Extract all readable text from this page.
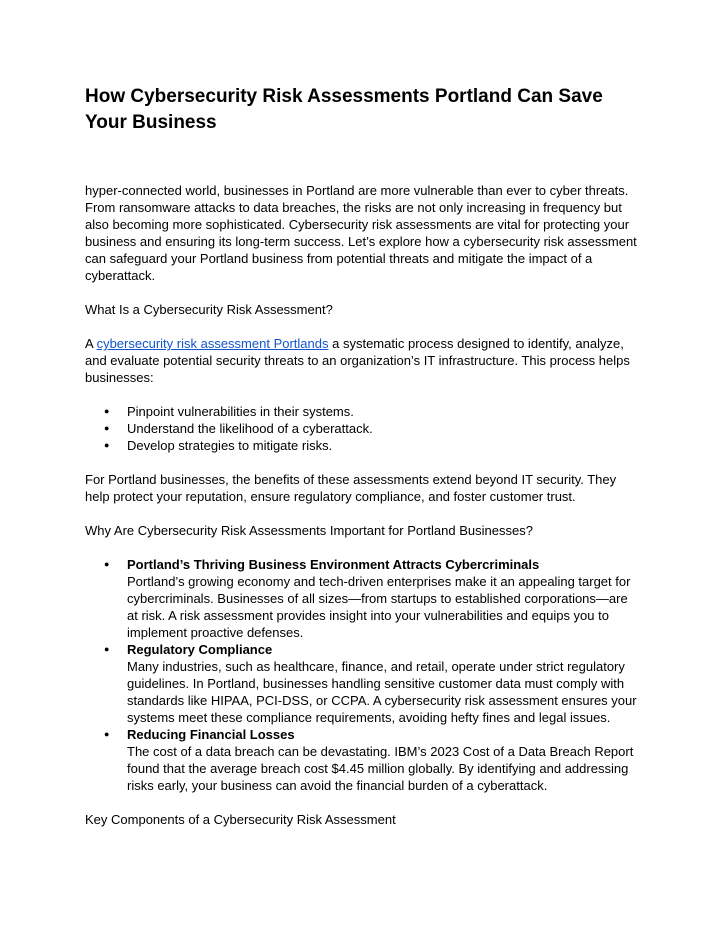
How Cybersecurity Risk Assessments Portland Can Save Your Business

hyper-connected world, businesses in Portland are more vulnerable than ever to cyber threats. From ransomware attacks to data breaches, the risks are not only increasing in frequency but also becoming more sophisticated. Cybersecurity risk assessments are vital for protecting your business and ensuring its long-term success. Let’s explore how a cybersecurity risk assessment can safeguard your Portland business from potential threats and mitigate the impact of a cyberattack.

What Is a Cybersecurity Risk Assessment?

A cybersecurity risk assessment Portlands a systematic process designed to identify, analyze, and evaluate potential security threats to an organization’s IT infrastructure. This process helps businesses:

● Pinpoint vulnerabilities in their systems.
● Understand the likelihood of a cyberattack.
● Develop strategies to mitigate risks.

For Portland businesses, the benefits of these assessments extend beyond IT security. They help protect your reputation, ensure regulatory compliance, and foster customer trust.

Why Are Cybersecurity Risk Assessments Important for Portland Businesses?

● Portland’s Thriving Business Environment Attracts Cybercriminals
Portland’s growing economy and tech-driven enterprises make it an appealing target for cybercriminals. Businesses of all sizes—from startups to established corporations—are at risk. A risk assessment provides insight into your vulnerabilities and equips you to implement proactive defenses.
● Regulatory Compliance
Many industries, such as healthcare, finance, and retail, operate under strict regulatory guidelines. In Portland, businesses handling sensitive customer data must comply with standards like HIPAA, PCI-DSS, or CCPA. A cybersecurity risk assessment ensures your systems meet these compliance requirements, avoiding hefty fines and legal issues.
● Reducing Financial Losses
The cost of a data breach can be devastating. IBM’s 2023 Cost of a Data Breach Report found that the average breach cost $4.45 million globally. By identifying and addressing risks early, your business can avoid the financial burden of a cyberattack.

Key Components of a Cybersecurity Risk Assessment
